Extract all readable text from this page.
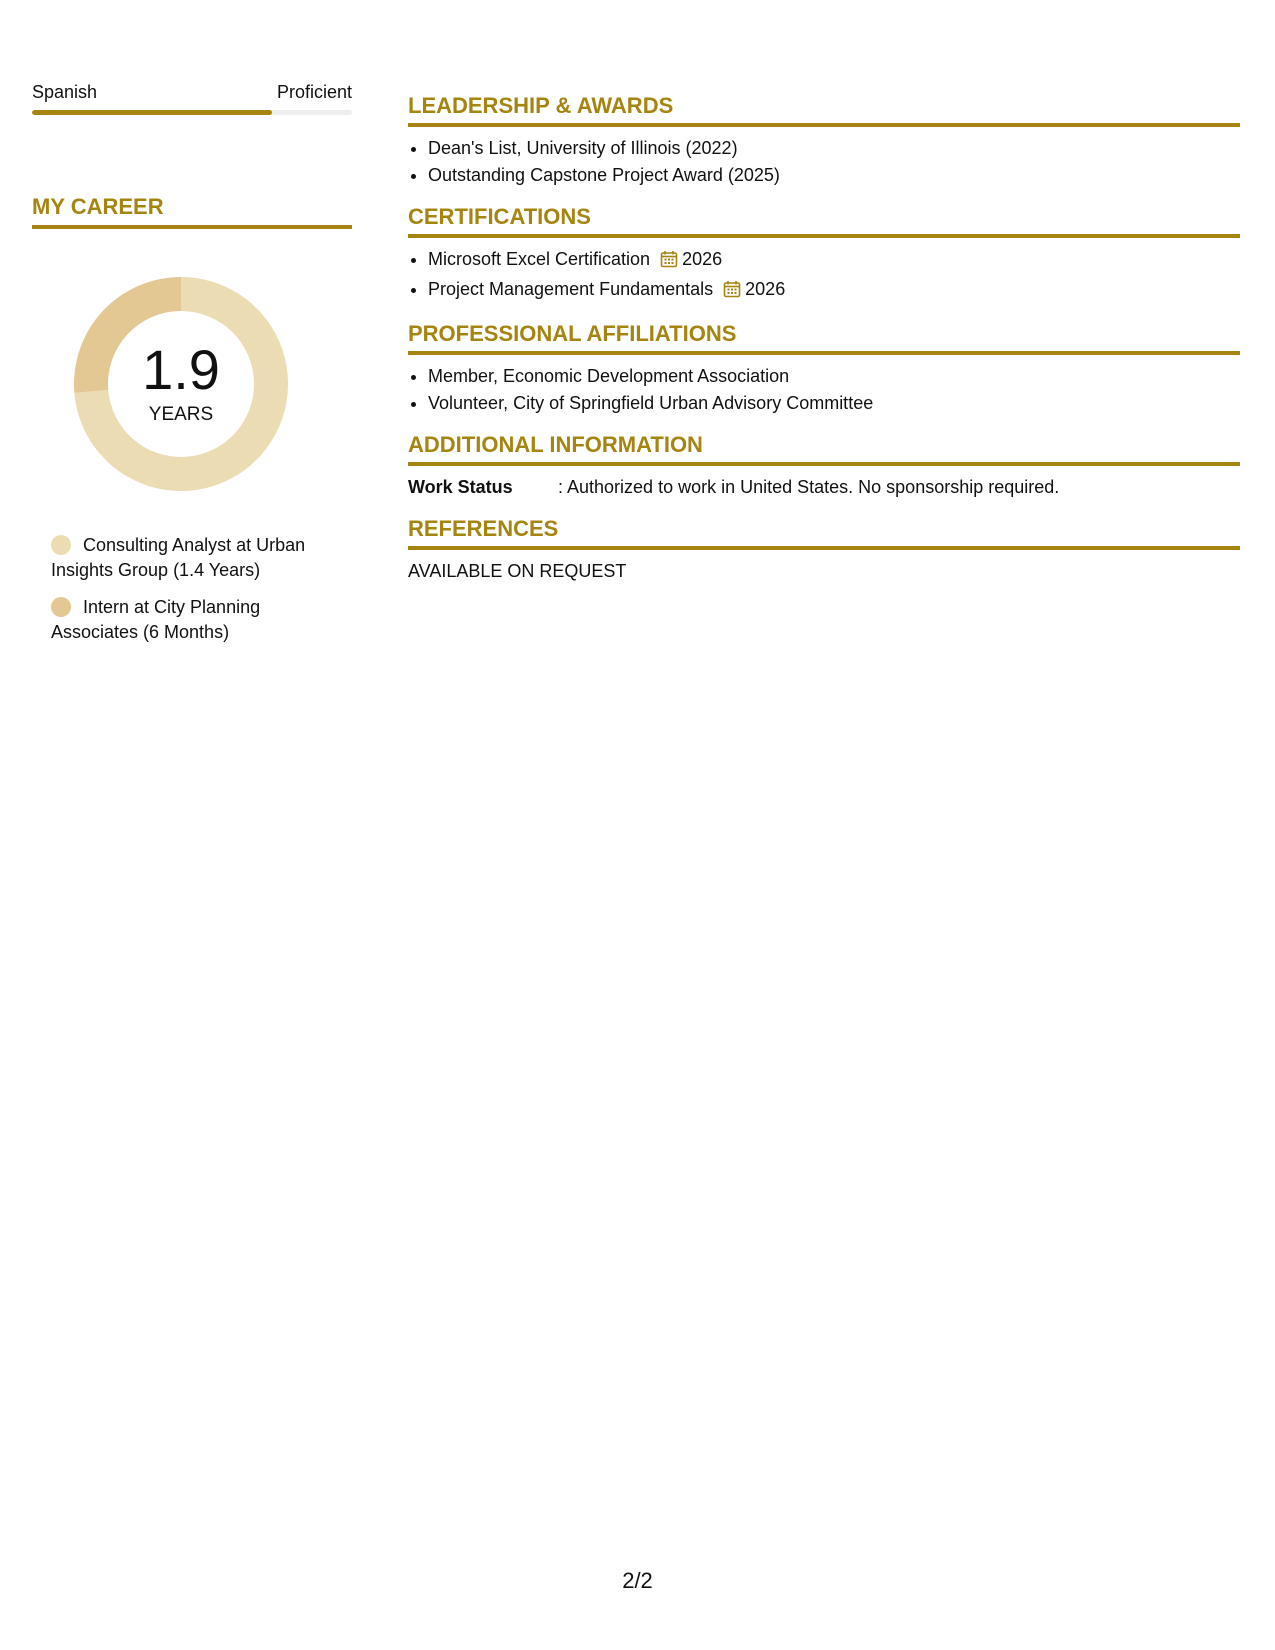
Spanish	Proficient
MY CAREER
1.9
YEARS
Consulting Analyst at Urban Insights Group (1.4 Years)
Intern at City Planning Associates (6 Months)
LEADERSHIP & AWARDS
• Dean's List, University of Illinois (2022)
• Outstanding Capstone Project Award (2025)
CERTIFICATIONS
• Microsoft Excel Certification 2026
• Project Management Fundamentals 2026
PROFESSIONAL AFFILIATIONS
• Member, Economic Development Association
• Volunteer, City of Springfield Urban Advisory Committee
ADDITIONAL INFORMATION
Work Status	: Authorized to work in United States. No sponsorship required.
REFERENCES
AVAILABLE ON REQUEST
2/2
